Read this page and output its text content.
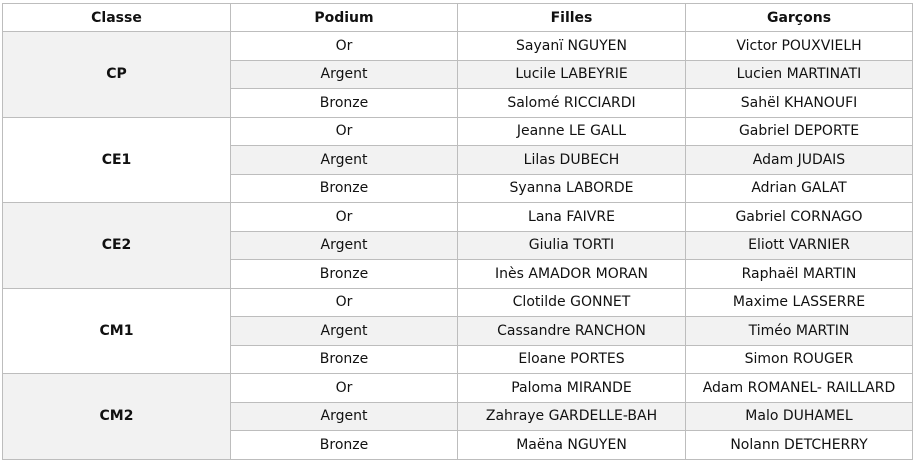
Classe	Podium	Filles	Garçons
CP	Or	Sayanï NGUYEN	Victor POUXVIELH
	Argent	Lucile LABEYRIE	Lucien MARTINATI
	Bronze	Salomé RICCIARDI	Sahël KHANOUFI
CE1	Or	Jeanne LE GALL	Gabriel DEPORTE
	Argent	Lilas DUBECH	Adam JUDAIS
	Bronze	Syanna LABORDE	Adrian GALAT
CE2	Or	Lana FAIVRE	Gabriel CORNAGO
	Argent	Giulia TORTI	Eliott VARNIER
	Bronze	Inès AMADOR MORAN	Raphaël MARTIN
CM1	Or	Clotilde GONNET	Maxime LASSERRE
	Argent	Cassandre RANCHON	Timéo MARTIN
	Bronze	Eloane PORTES	Simon ROUGER
CM2	Or	Paloma MIRANDE	Adam ROMANEL- RAILLARD
	Argent	Zahraye GARDELLE-BAH	Malo DUHAMEL
	Bronze	Maëna NGUYEN	Nolann DETCHERRY
